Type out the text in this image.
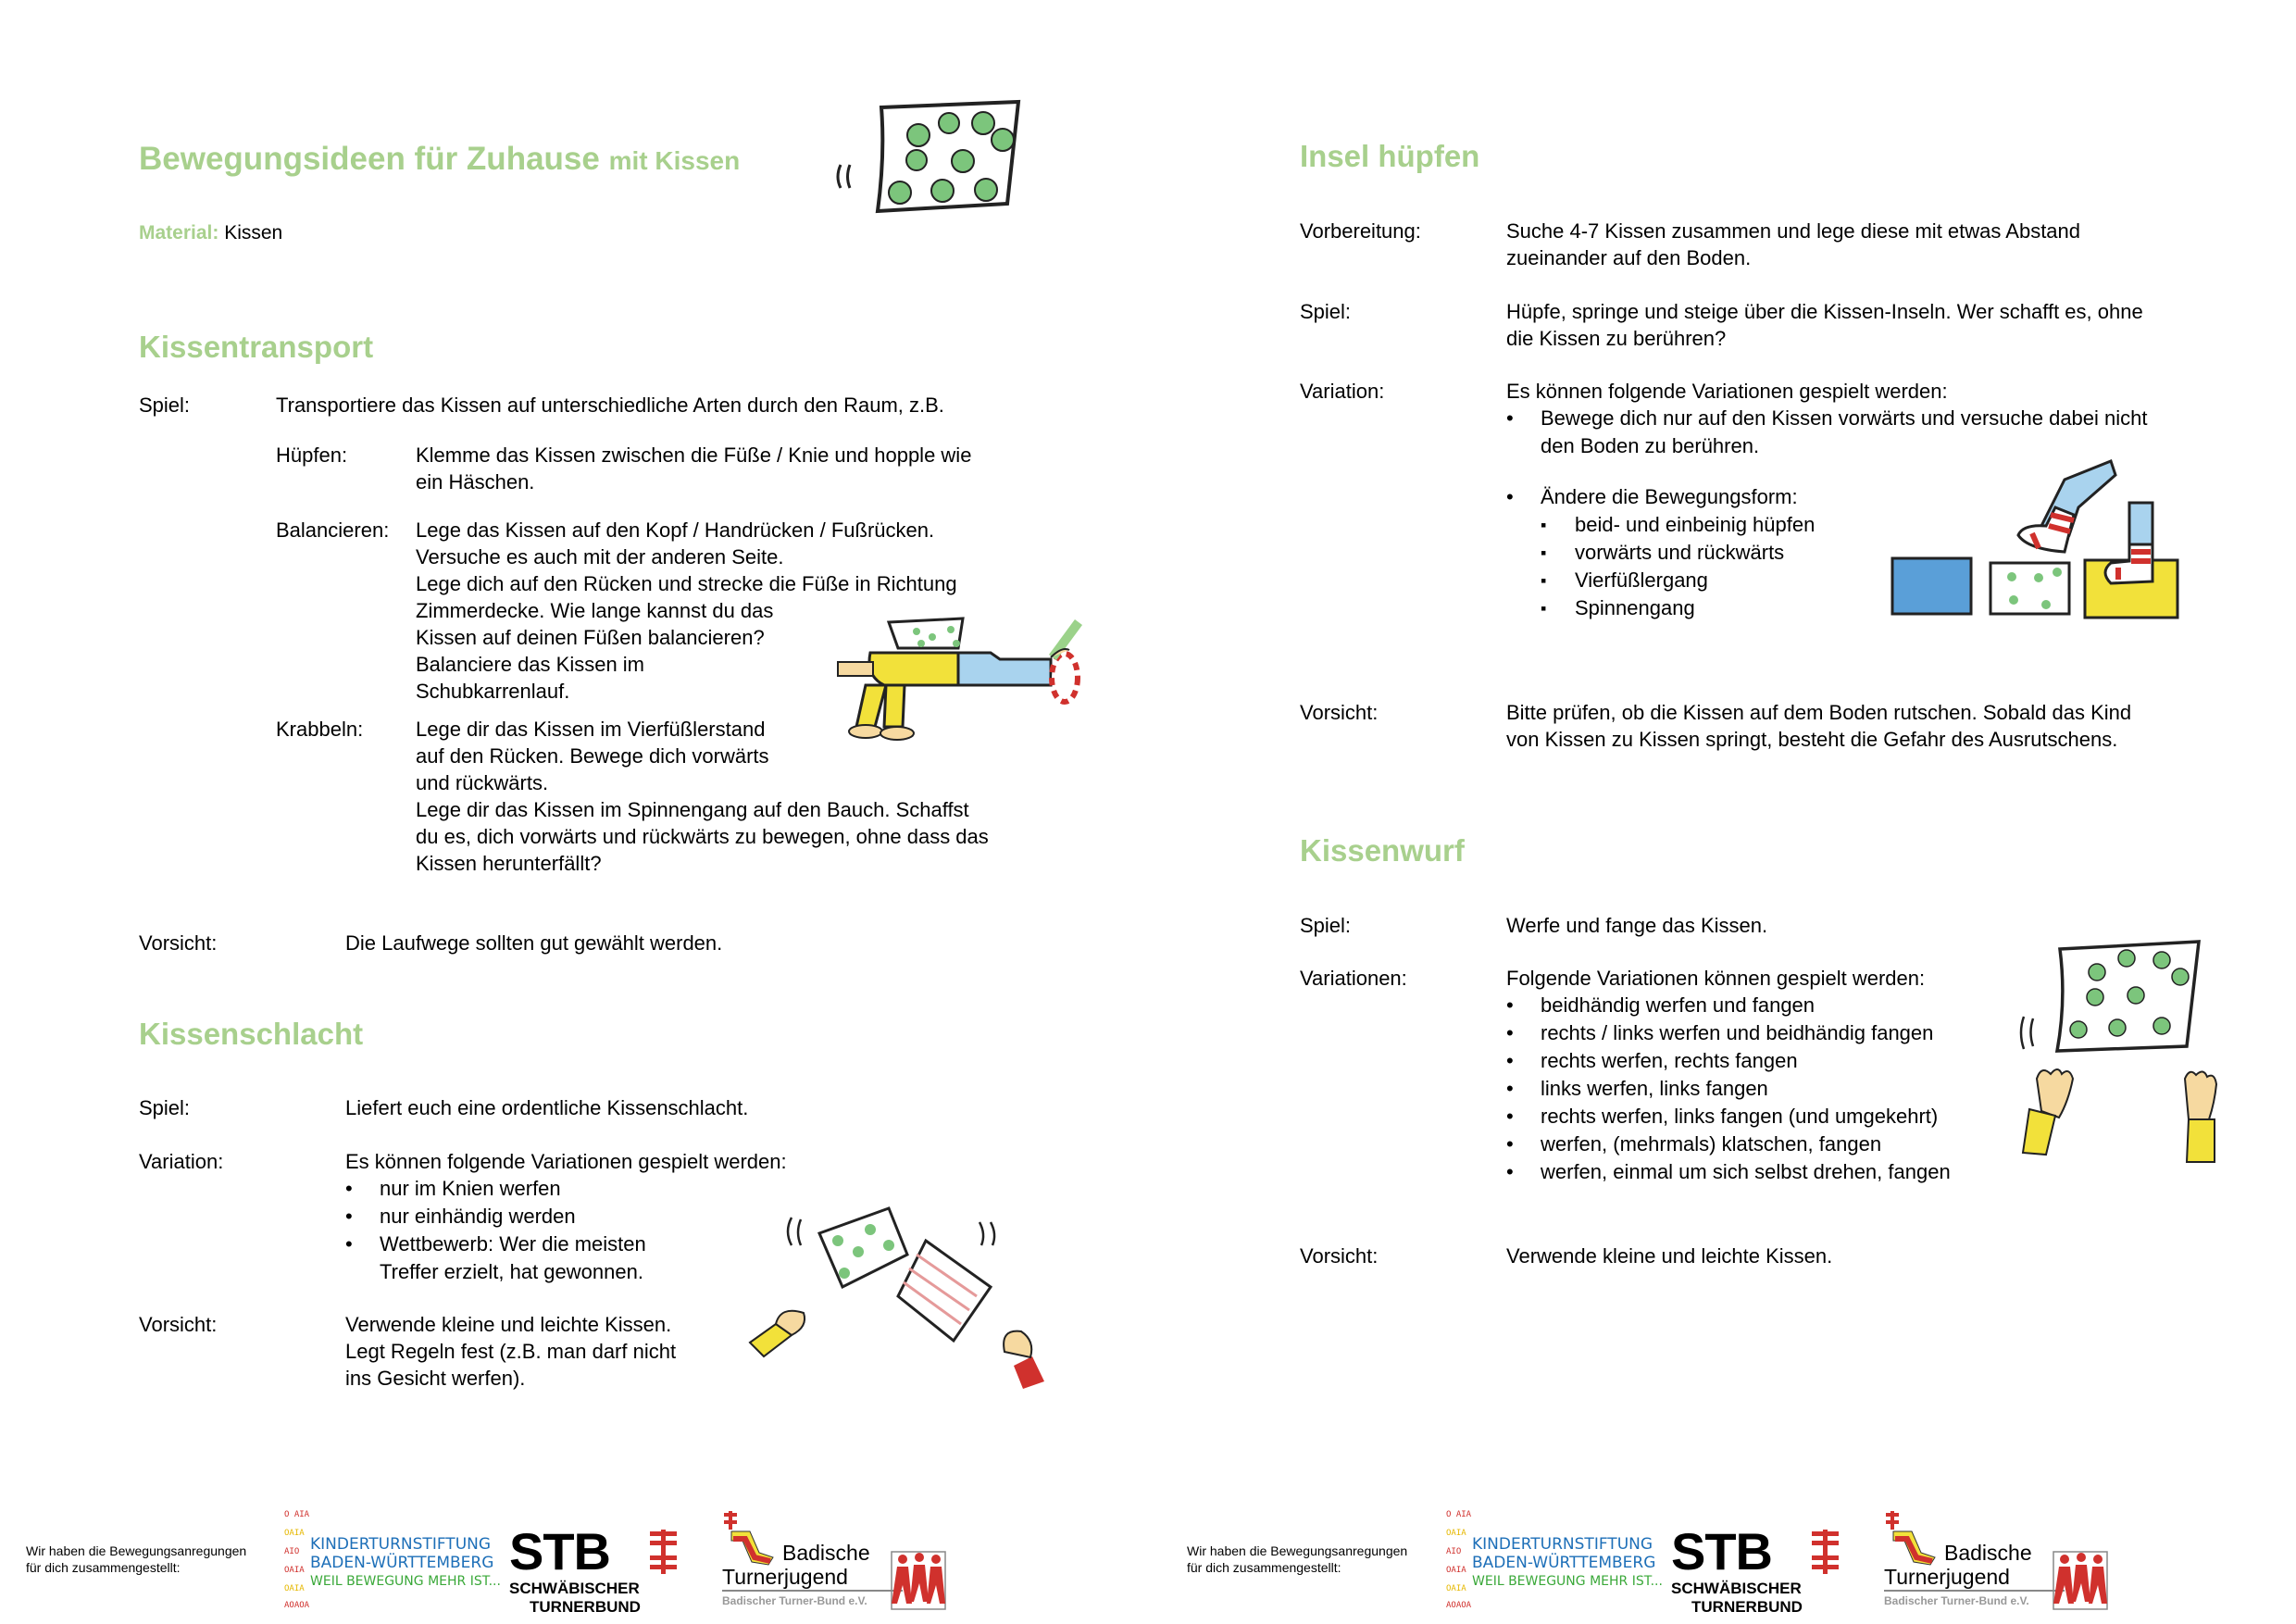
Bewegungsideen für Zuhause mit Kissen
Material: Kissen
Kissentransport
Spiel:	Transportiere das Kissen auf unterschiedliche Arten durch den Raum, z.B.
Hüpfen:	Klemme das Kissen zwischen die Füße / Knie und hopple wie
ein Häschen.
Balancieren: Lege das Kissen auf den Kopf / Handrücken / Fußrücken.
Versuche es auch mit der anderen Seite.
Lege dich auf den Rücken und strecke die Füße in Richtung
Zimmerdecke. Wie lange kannst du das
Kissen auf deinen Füßen balancieren?
Balanciere das Kissen im
Schubkarrenlauf.
Krabbeln:	Lege dir das Kissen im Vierfüßlerstand
auf den Rücken. Bewege dich vorwärts
und rückwärts.
Lege dir das Kissen im Spinnengang auf den Bauch. Schaffst
du es, dich vorwärts und rückwärts zu bewegen, ohne dass das
Kissen herunterfällt?
Vorsicht:	Die Laufwege sollten gut gewählt werden.
Kissenschlacht
Spiel:	Liefert euch eine ordentliche Kissenschlacht.
Variation:	Es können folgende Variationen gespielt werden:
• nur im Knien werfen
• nur einhändig werden
• Wettbewerb: Wer die meisten
Treffer erzielt, hat gewonnen.
Vorsicht:	Verwende kleine und leichte Kissen.
Legt Regeln fest (z.B. man darf nicht
ins Gesicht werfen).
Wir haben die Bewegungsanregungen
für dich zusammengestellt:
O AIA
OAIA
AIO
OAIA
OAIA
AOAOA
KINDERTURNSTIFTUNG
BADEN-WÜRTTEMBERG
WEIL BEWEGUNG MEHR IST...
STB
SCHWÄBISCHER
TURNERBUND
Badische
Turnerjugend
Badischer Turner-Bund e.V.
Insel hüpfen
Vorbereitung:	Suche 4-7 Kissen zusammen und lege diese mit etwas Abstand
zueinander auf den Boden.
Spiel:	Hüpfe, springe und steige über die Kissen-Inseln. Wer schafft es, ohne
die Kissen zu berühren?
Variation:	Es können folgende Variationen gespielt werden:
• Bewege dich nur auf den Kissen vorwärts und versuche dabei nicht
den Boden zu berühren.
• Ändere die Bewegungsform:
▪ beid- und einbeinig hüpfen
▪ vorwärts und rückwärts
▪ Vierfüßlergang
▪ Spinnengang
Vorsicht:	Bitte prüfen, ob die Kissen auf dem Boden rutschen. Sobald das Kind
von Kissen zu Kissen springt, besteht die Gefahr des Ausrutschens.
Kissenwurf
Spiel:	Werfe und fange das Kissen.
Variationen:	Folgende Variationen können gespielt werden:
• beidhändig werfen und fangen
• rechts / links werfen und beidhändig fangen
• rechts werfen, rechts fangen
• links werfen, links fangen
• rechts werfen, links fangen (und umgekehrt)
• werfen, (mehrmals) klatschen, fangen
• werfen, einmal um sich selbst drehen, fangen
Vorsicht:	Verwende kleine und leichte Kissen.
Wir haben die Bewegungsanregungen
für dich zusammengestellt:
O AIA
OAIA
AIO
OAIA
OAIA
AOAOA
KINDERTURNSTIFTUNG
BADEN-WÜRTTEMBERG
WEIL BEWEGUNG MEHR IST...
STB
SCHWÄBISCHER
TURNERBUND
Badische
Turnerjugend
Badischer Turner-Bund e.V.
